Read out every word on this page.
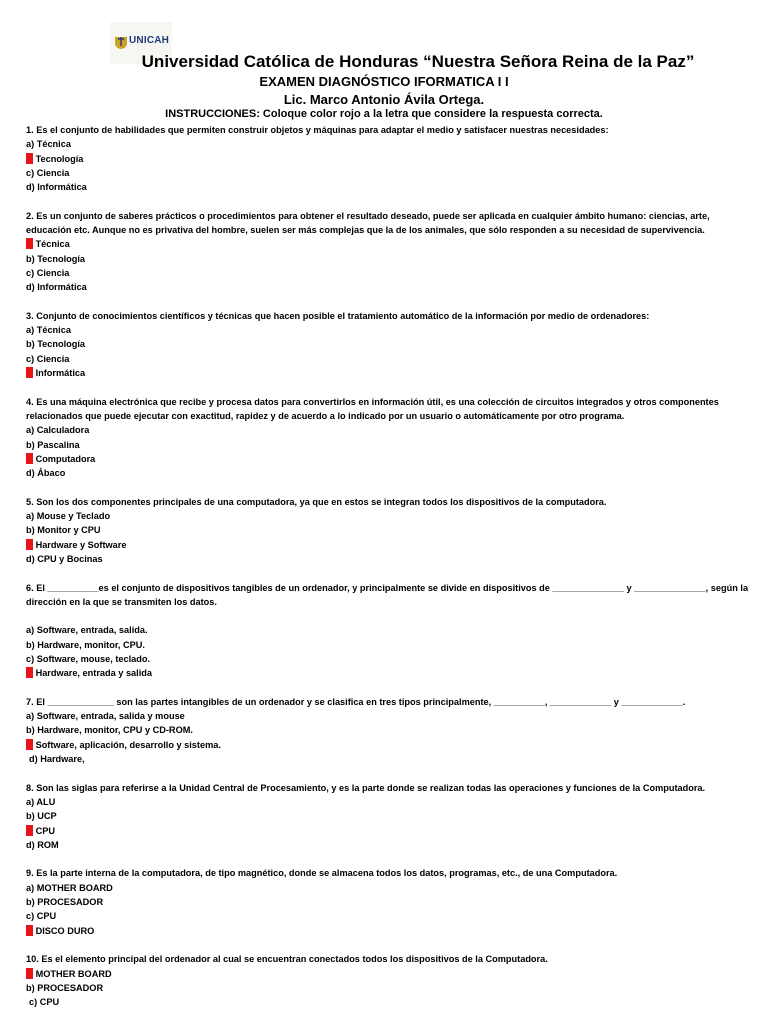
UNICAH
Universidad Católica de Honduras “Nuestra Señora Reina de la Paz”
EXAMEN DIAGNÓSTICO IFORMATICA I I
Lic. Marco Antonio Ávila Ortega.
INSTRUCCIONES: Coloque color rojo a la letra que considere la respuesta correcta.

1. Es el conjunto de habilidades que permiten construir objetos y máquinas para adaptar el medio y satisfacer nuestras necesidades:

a) Técnica

Tecnología

c) Ciencia

d) Informática

2. Es un conjunto de saberes prácticos o procedimientos para obtener el resultado deseado, puede ser aplicada en cualquier ámbito humano: ciencias, arte, educación etc. Aunque no es privativa del hombre, suelen ser más complejas que la de los animales, que sólo responden a su necesidad de supervivencia.

Técnica

b) Tecnología

c) Ciencia

d) Informática

3. Conjunto de conocimientos científicos y técnicas que hacen posible el tratamiento automático de la información por medio de ordenadores:

a) Técnica

b) Tecnología

c) Ciencia

Informática

4. Es una máquina electrónica que recibe y procesa datos para convertirlos en información útil, es una colección de circuitos integrados y otros componentes relacionados que puede ejecutar con exactitud, rapidez y de acuerdo a lo indicado por un usuario o automáticamente por otro programa.

a) Calculadora

b) Pascalina

Computadora

d) Ábaco

5. Son los dos componentes principales de una computadora, ya que en estos se integran todos los dispositivos de la computadora.

a) Mouse y Teclado

b) Monitor y CPU

Hardware y Software

d) CPU y Bocinas

6. El __________es el conjunto de dispositivos tangibles de un ordenador, y principalmente se divide en dispositivos de ______________ y ______________, según la dirección en la que se transmiten los datos.

a) Software, entrada, salida.

b) Hardware, monitor, CPU.

c) Software, mouse, teclado.

Hardware, entrada y salida

7. El _____________ son las partes intangibles de un ordenador y se clasifica en tres tipos principalmente, __________, ____________ y ____________.

a) Software, entrada, salida y mouse

b) Hardware, monitor, CPU y CD-ROM.

Software, aplicación, desarrollo y sistema.

d) Hardware,

8. Son las siglas para referirse a la Unidad Central de Procesamiento, y es la parte donde se realizan todas las operaciones y funciones de la Computadora.

a) ALU

b) UCP

CPU

d) ROM

9. Es la parte interna de la computadora, de tipo magnético, donde se almacena todos los datos, programas, etc., de una Computadora.

a) MOTHER BOARD

b) PROCESADOR

c) CPU

DISCO DURO

10. Es el elemento principal del ordenador al cual se encuentran conectados todos los dispositivos de la Computadora.

MOTHER BOARD

b) PROCESADOR

c) CPU
